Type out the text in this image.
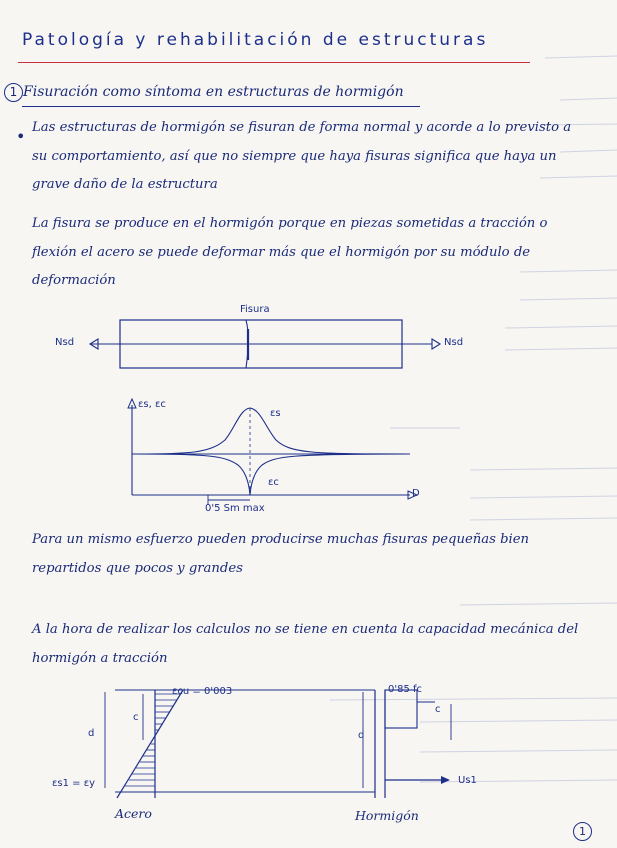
Patología y rehabilitación de estructuras
1 Fisuración como síntoma en estructuras de hormigón
• Las estructuras de hormigón se fisuran de forma normal y acorde a lo previsto a su comportamiento, así que no siempre que haya fisuras significa que haya un grave daño de la estructura
La fisura se produce en el hormigón porque en piezas sometidas a tracción o flexión el acero se puede deformar más que el hormigón por su módulo de deformación
Fisura
Nsd	Nsd
εs, εc
εs
εc
D
0'5 Sm max
Para un mismo esfuerzo pueden producirse muchas fisuras pequeñas bien repartidos que pocos y grandes
A la hora de realizar los calculos no se tiene en cuenta la capacidad mecánica del hormigón a tracción
εcu = 0'003
c
d
εs1 = εy
0'85 fc
c
d
Us1
Acero	Hormigón
1
